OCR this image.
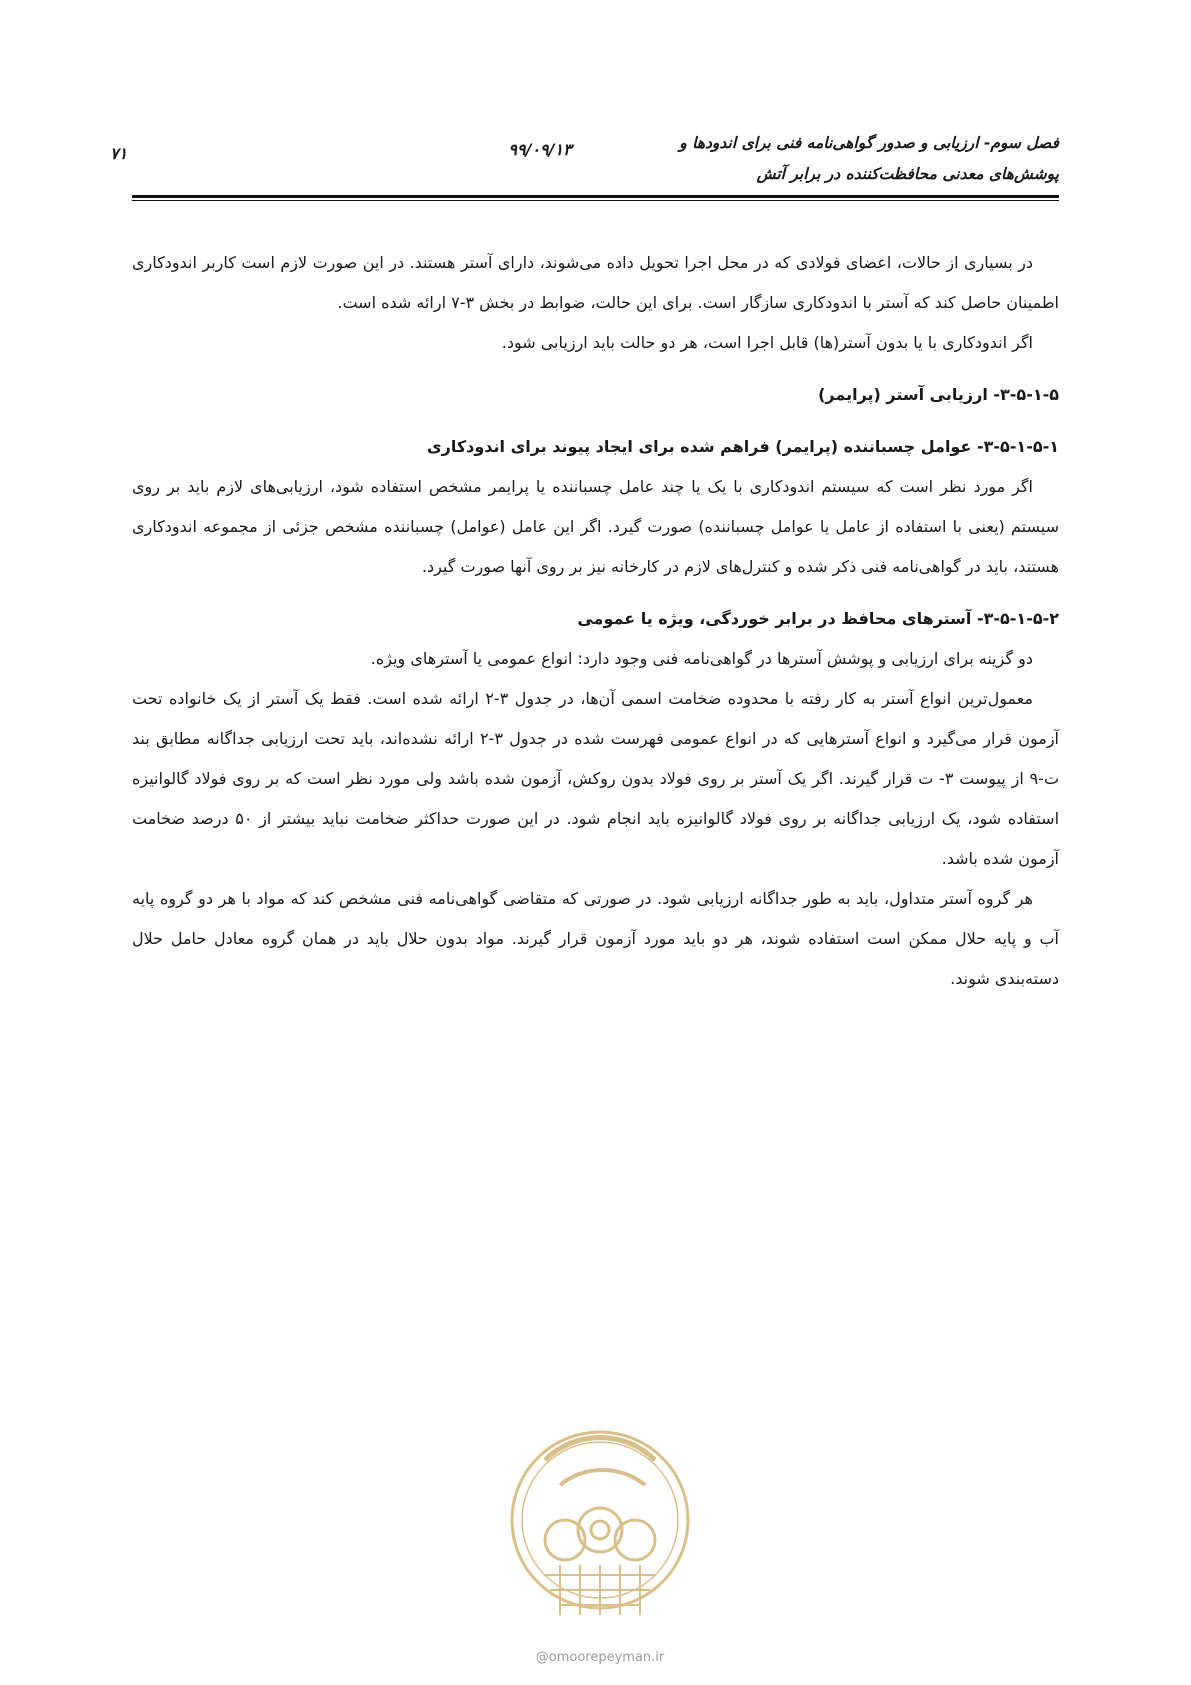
فصل سوم- ارزیابی و صدور گواهی‌نامه فنی برای اندودها و
پوشش‌های معدنی محافظت‌کننده در برابر آتش
۹۹/۰۹/۱۳
۷۱

در بسیاری از حالات، اعضای فولادی که در محل اجرا تحویل داده می‌شوند، دارای آستر هستند. در این صورت لازم است کاربر اندودکاری اطمینان حاصل کند که آستر با اندودکاری سازگار است. برای این حالت، ضوابط در بخش ۳-۷ ارائه شده است.

اگر اندودکاری با یا بدون آستر(ها) قابل اجرا است، هر دو حالت باید ارزیابی شود.

۳-۵-۱-۵- ارزیابی آستر (پرایمر)
۳-۵-۱-۵-۱- عوامل چسباننده (پرایمر) فراهم شده برای ایجاد پیوند برای اندودکاری

اگر مورد نظر است که سیستم اندودکاری با یک یا چند عامل چسباننده یا پرایمر مشخص استفاده شود، ارزیابی‌های لازم باید بر روی سیستم (یعنی با استفاده از عامل یا عوامل چسباننده) صورت گیرد. اگر این عامل (عوامل) چسباننده مشخص جزئی از مجموعه اندودکاری هستند، باید در گواهی‌نامه فنی ذکر شده و کنترل‌های لازم در کارخانه نیز بر روی آنها صورت گیرد.

۳-۵-۱-۵-۲- آسترهای محافظ در برابر خوردگی، ویژه یا عمومی

دو گزینه برای ارزیابی و پوشش آسترها در گواهی‌نامه فنی وجود دارد: انواع عمومی یا آسترهای ویژه.

معمول‌ترین انواع آستر به کار رفته با محدوده ضخامت اسمی آن‌ها، در جدول ۳-۲ ارائه شده است. فقط یک آستر از یک خانواده تحت آزمون قرار می‌گیرد و انواع آسترهایی که در انواع عمومی فهرست شده در جدول ۳-۲ ارائه نشده‌اند، باید تحت ارزیابی جداگانه مطابق بند ت-۹ از پیوست ۳- ت قرار گیرند. اگر یک آستر بر روی فولاد بدون روکش، آزمون شده باشد ولی مورد نظر است که بر روی فولاد گالوانیزه استفاده شود، یک ارزیابی جداگانه بر روی فولاد گالوانیزه باید انجام شود. در این صورت حداکثر ضخامت نباید بیشتر از ۵۰ درصد ضخامت آزمون شده باشد.

هر گروه آستر متداول، باید به طور جداگانه ارزیابی شود. در صورتی که متقاضی گواهی‌نامه فنی مشخص کند که مواد با هر دو گروه پایه آب و پایه حلال ممکن است استفاده شوند، هر دو باید مورد آزمون قرار گیرند. مواد بدون حلال باید در همان گروه معادل حامل حلال دسته‌بندی شوند.

@omoorepeyman.ir
